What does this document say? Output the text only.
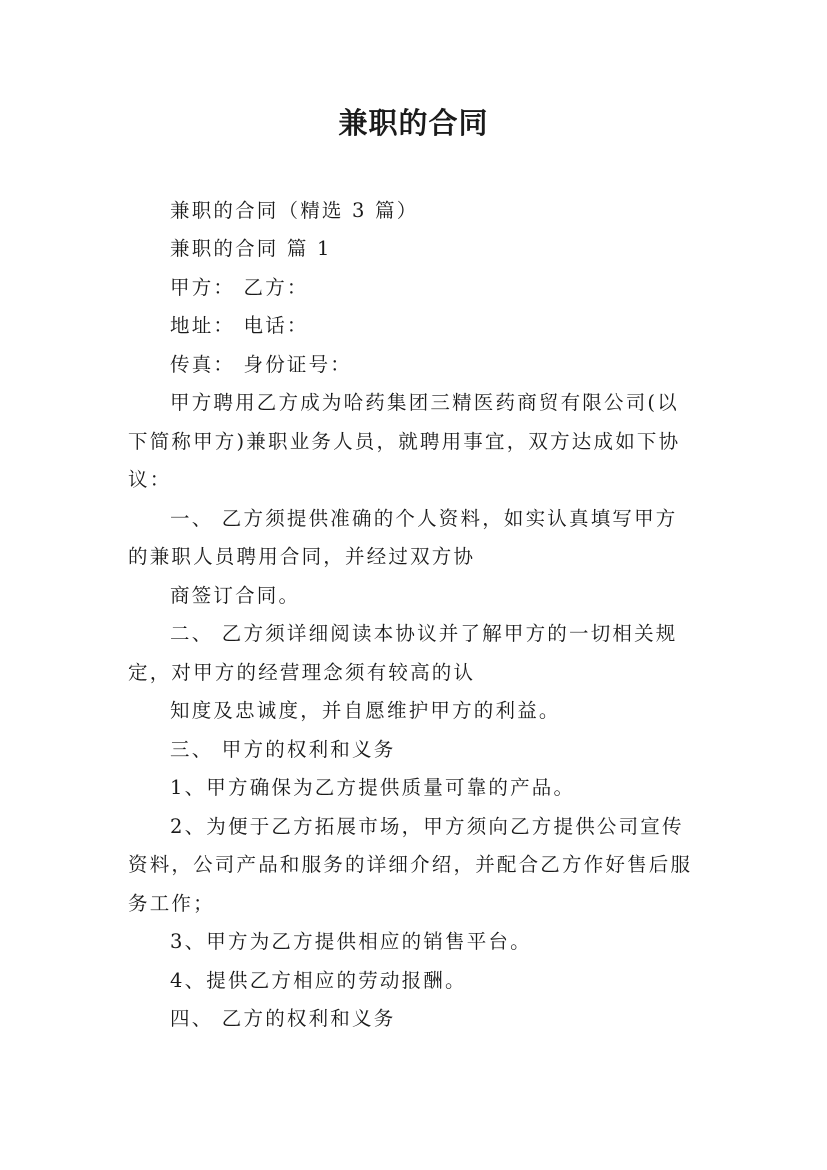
兼职的合同
兼职的合同（精选 3 篇）
兼职的合同 篇 1
甲方： 乙方：
地址： 电话：
传真： 身份证号：
甲方聘用乙方成为哈药集团三精医药商贸有限公司(以
下简称甲方)兼职业务人员，就聘用事宜，双方达成如下协
议：
一、 乙方须提供准确的个人资料，如实认真填写甲方
的兼职人员聘用合同，并经过双方协
商签订合同。
二、 乙方须详细阅读本协议并了解甲方的一切相关规
定，对甲方的经营理念须有较高的认
知度及忠诚度，并自愿维护甲方的利益。
三、 甲方的权利和义务
1、甲方确保为乙方提供质量可靠的产品。
2、为便于乙方拓展市场，甲方须向乙方提供公司宣传
资料，公司产品和服务的详细介绍，并配合乙方作好售后服
务工作；
3、甲方为乙方提供相应的销售平台。
4、提供乙方相应的劳动报酬。
四、 乙方的权利和义务
